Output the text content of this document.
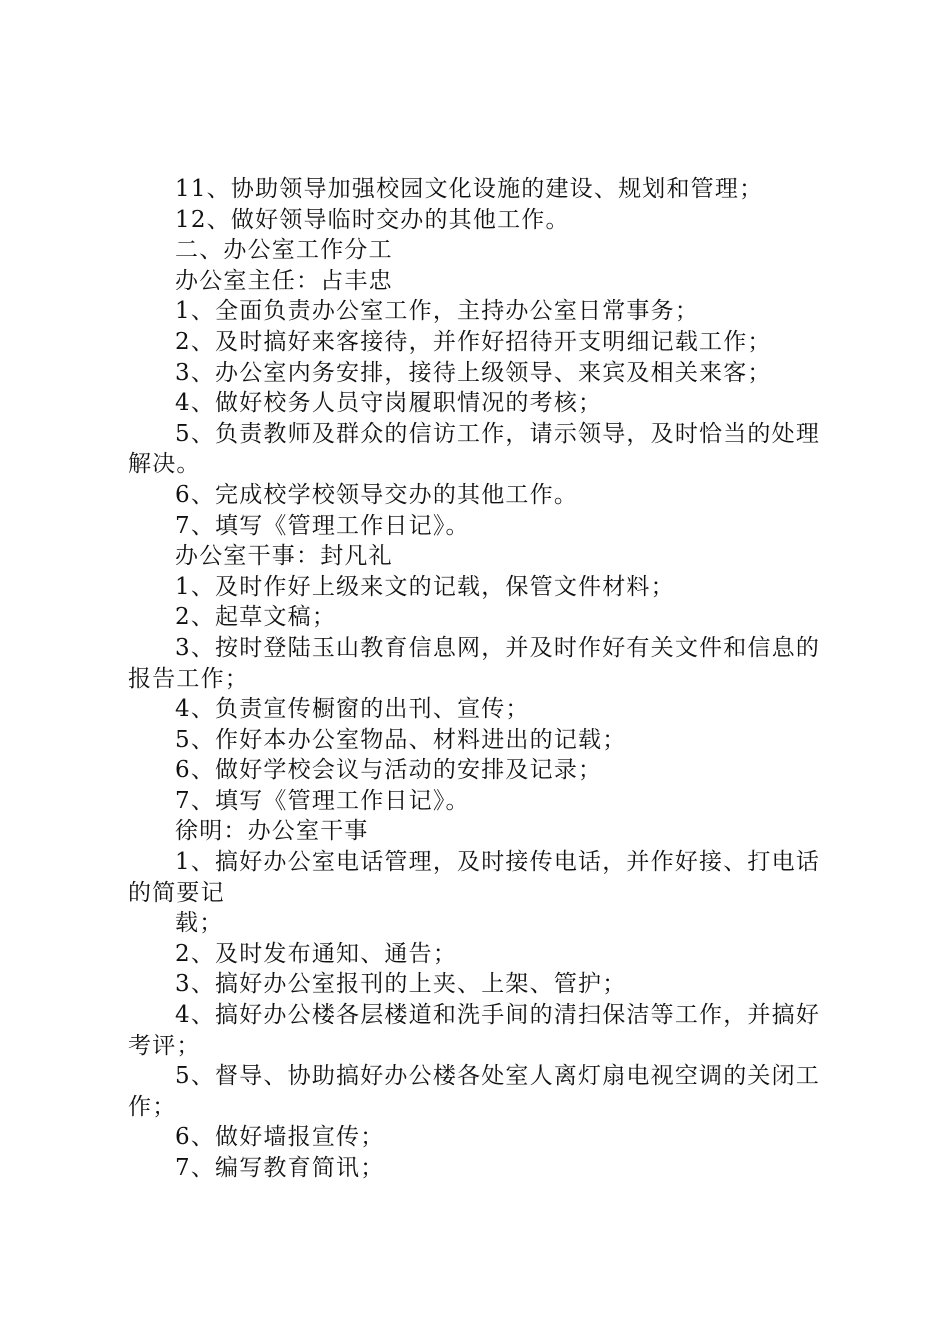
11、协助领导加强校园文化设施的建设、规划和管理；

12、做好领导临时交办的其他工作。

二、办公室工作分工

办公室主任：占丰忠

1、全面负责办公室工作，主持办公室日常事务；

2、及时搞好来客接待，并作好招待开支明细记载工作；

3、办公室内务安排，接待上级领导、来宾及相关来客；

4、做好校务人员守岗履职情况的考核；

5、负责教师及群众的信访工作，请示领导，及时恰当的处理解决。

6、完成校学校领导交办的其他工作。

7、填写《管理工作日记》。

办公室干事：封凡礼

1、及时作好上级来文的记载，保管文件材料；

2、起草文稿；

3、按时登陆玉山教育信息网，并及时作好有关文件和信息的报告工作；

4、负责宣传橱窗的出刊、宣传；

5、作好本办公室物品、材料进出的记载；

6、做好学校会议与活动的安排及记录；

7、填写《管理工作日记》。

徐明：办公室干事

1、搞好办公室电话管理，及时接传电话，并作好接、打电话的简要记

载；

2、及时发布通知、通告；

3、搞好办公室报刊的上夹、上架、管护；

4、搞好办公楼各层楼道和洗手间的清扫保洁等工作，并搞好考评；

5、督导、协助搞好办公楼各处室人离灯扇电视空调的关闭工作；

6、做好墙报宣传；

7、编写教育简讯；
